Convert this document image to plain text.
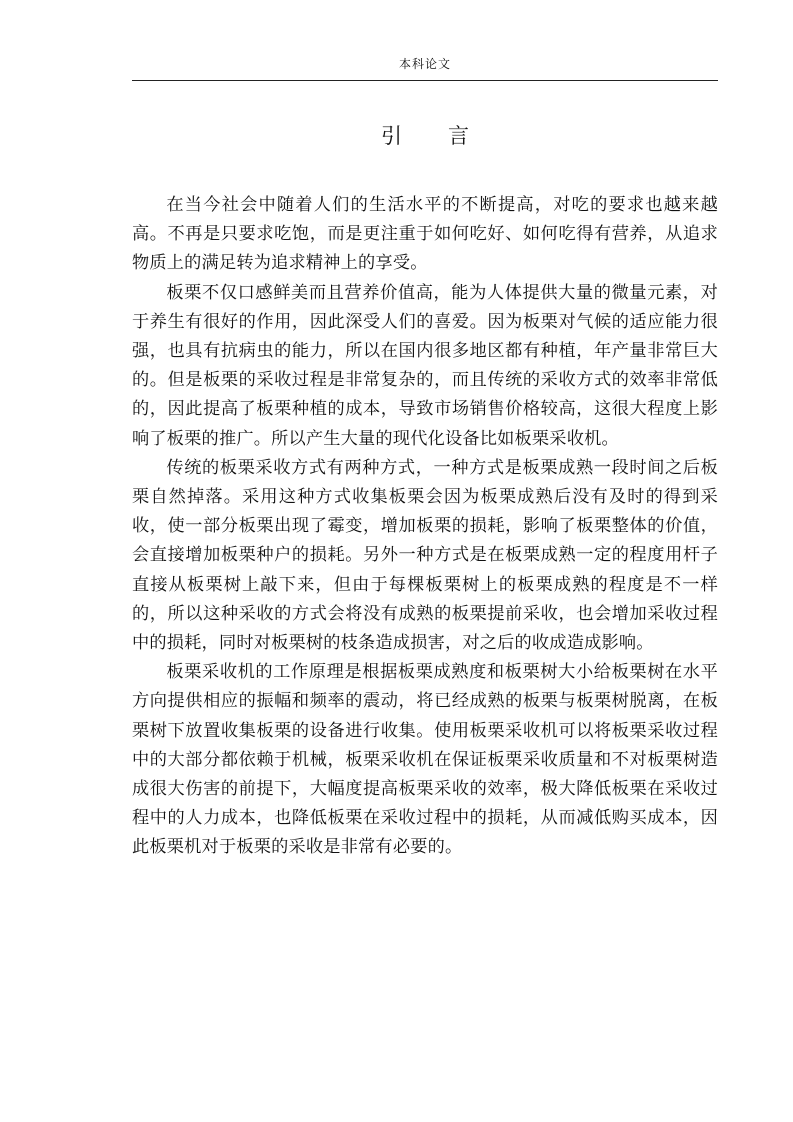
本科论文
引 言

在当今社会中随着人们的生活水平的不断提高，对吃的要求也越来越高。不再是只要求吃饱，而是更注重于如何吃好、如何吃得有营养，从追求物质上的满足转为追求精神上的享受。

板栗不仅口感鲜美而且营养价值高，能为人体提供大量的微量元素，对于养生有很好的作用，因此深受人们的喜爱。因为板栗对气候的适应能力很强，也具有抗病虫的能力，所以在国内很多地区都有种植，年产量非常巨大的。但是板栗的采收过程是非常复杂的，而且传统的采收方式的效率非常低的，因此提高了板栗种植的成本，导致市场销售价格较高，这很大程度上影响了板栗的推广。所以产生大量的现代化设备比如板栗采收机。

传统的板栗采收方式有两种方式，一种方式是板栗成熟一段时间之后板栗自然掉落。采用这种方式收集板栗会因为板栗成熟后没有及时的得到采收，使一部分板栗出现了霉变，增加板栗的损耗，影响了板栗整体的价值，会直接增加板栗种户的损耗。另外一种方式是在板栗成熟一定的程度用杆子直接从板栗树上敲下来，但由于每棵板栗树上的板栗成熟的程度是不一样的，所以这种采收的方式会将没有成熟的板栗提前采收，也会增加采收过程中的损耗，同时对板栗树的枝条造成损害，对之后的收成造成影响。

板栗采收机的工作原理是根据板栗成熟度和板栗树大小给板栗树在水平方向提供相应的振幅和频率的震动，将已经成熟的板栗与板栗树脱离，在板栗树下放置收集板栗的设备进行收集。使用板栗采收机可以将板栗采收过程中的大部分都依赖于机械，板栗采收机在保证板栗采收质量和不对板栗树造成很大伤害的前提下，大幅度提高板栗采收的效率，极大降低板栗在采收过程中的人力成本，也降低板栗在采收过程中的损耗，从而减低购买成本，因此板栗机对于板栗的采收是非常有必要的。
